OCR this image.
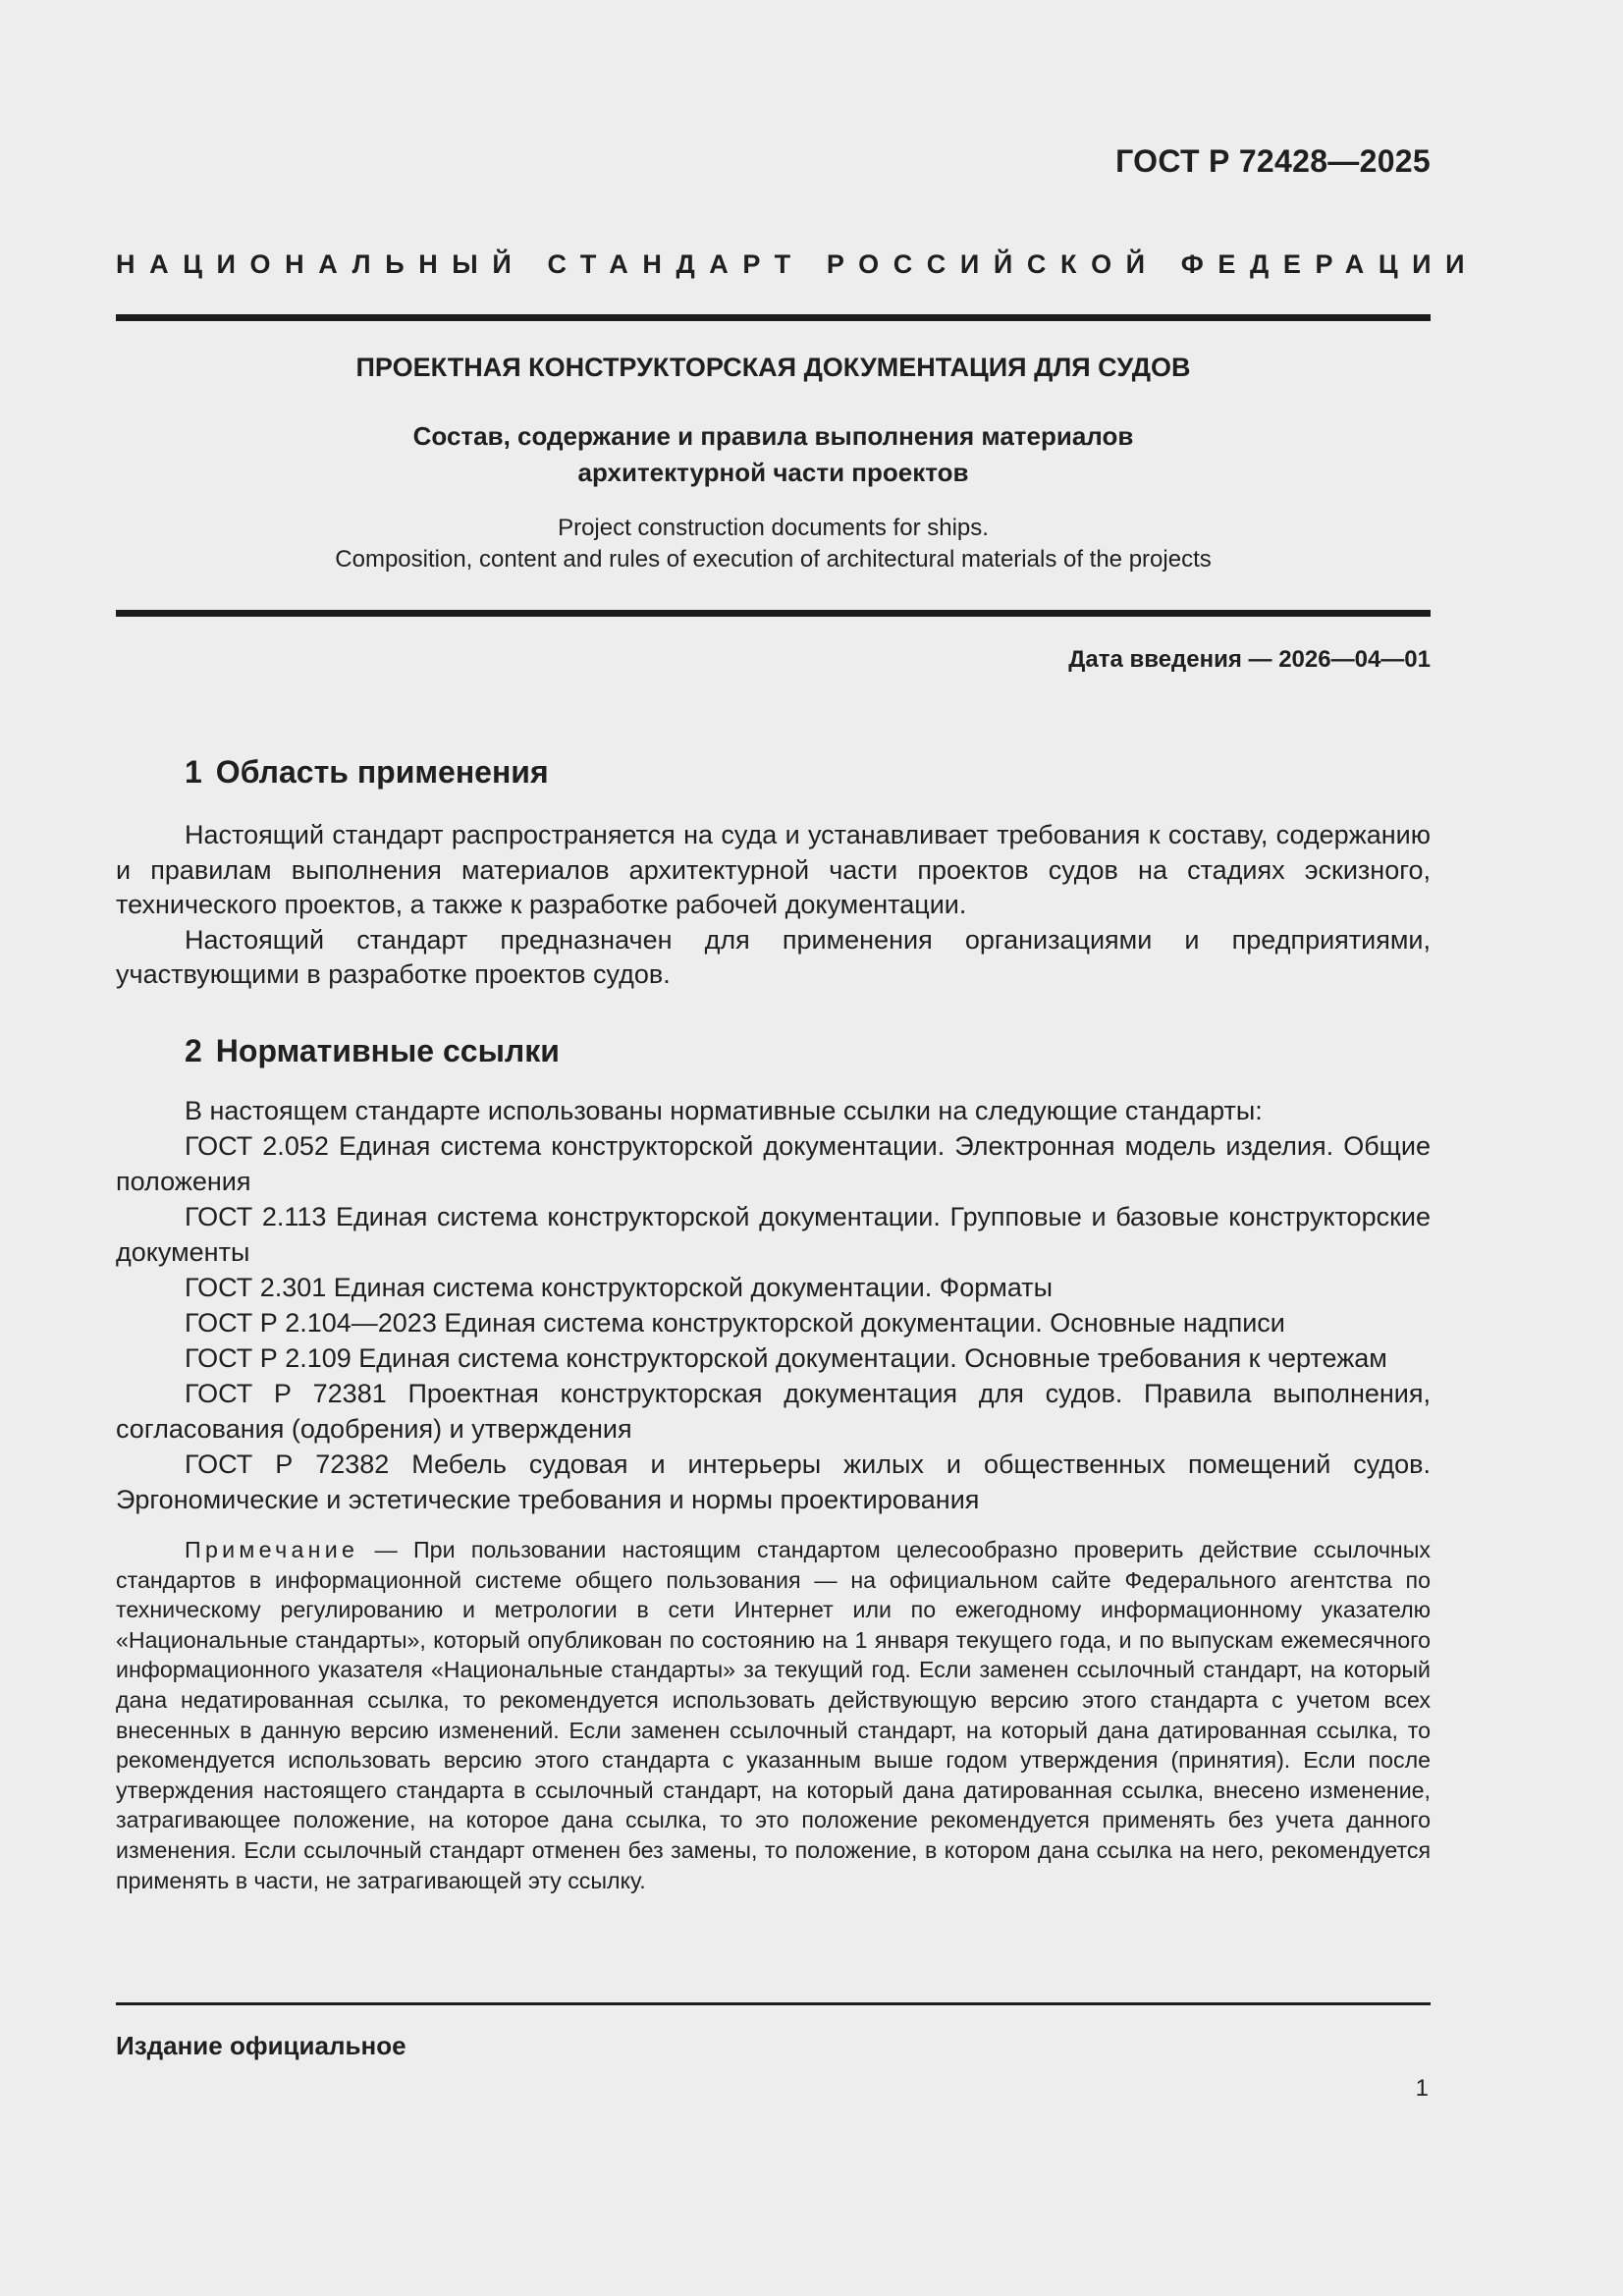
ГОСТ Р 72428—2025
НАЦИОНАЛЬНЫЙ СТАНДАРТ РОССИЙСКОЙ ФЕДЕРАЦИИ
ПРОЕКТНАЯ КОНСТРУКТОРСКАЯ ДОКУМЕНТАЦИЯ ДЛЯ СУДОВ
Состав, содержание и правила выполнения материалов
архитектурной части проектов
Project construction documents for ships.
Composition, content and rules of execution of architectural materials of the projects
Дата введения — 2026—04—01
1 Область применения

Настоящий стандарт распространяется на суда и устанавливает требования к составу, содержанию и правилам выполнения материалов архитектурной части проектов судов на стадиях эскизного, технического проектов, а также к разработке рабочей документации.

Настоящий стандарт предназначен для применения организациями и предприятиями, участвующими в разработке проектов судов.

2 Нормативные ссылки

В настоящем стандарте использованы нормативные ссылки на следующие стандарты:

ГОСТ 2.052 Единая система конструкторской документации. Электронная модель изделия. Общие положения

ГОСТ 2.113 Единая система конструкторской документации. Групповые и базовые конструкторские документы

ГОСТ 2.301 Единая система конструкторской документации. Форматы

ГОСТ Р 2.104—2023 Единая система конструкторской документации. Основные надписи

ГОСТ Р 2.109 Единая система конструкторской документации. Основные требования к чертежам

ГОСТ Р 72381 Проектная конструкторская документация для судов. Правила выполнения, согласования (одобрения) и утверждения

ГОСТ Р 72382 Мебель судовая и интерьеры жилых и общественных помещений судов. Эргономические и эстетические требования и нормы проектирования

Примечание — При пользовании настоящим стандартом целесообразно проверить действие ссылочных стандартов в информационной системе общего пользования — на официальном сайте Федерального агентства по техническому регулированию и метрологии в сети Интернет или по ежегодному информационному указателю «Национальные стандарты», который опубликован по состоянию на 1 января текущего года, и по выпускам ежемесячного информационного указателя «Национальные стандарты» за текущий год. Если заменен ссылочный стандарт, на который дана недатированная ссылка, то рекомендуется использовать действующую версию этого стандарта с учетом всех внесенных в данную версию изменений. Если заменен ссылочный стандарт, на который дана датированная ссылка, то рекомендуется использовать версию этого стандарта с указанным выше годом утверждения (принятия). Если после утверждения настоящего стандарта в ссылочный стандарт, на который дана датированная ссылка, внесено изменение, затрагивающее положение, на которое дана ссылка, то это положение рекомендуется применять без учета данного изменения. Если ссылочный стандарт отменен без замены, то положение, в котором дана ссылка на него, рекомендуется применять в части, не затрагивающей эту ссылку.
Издание официальное
1
